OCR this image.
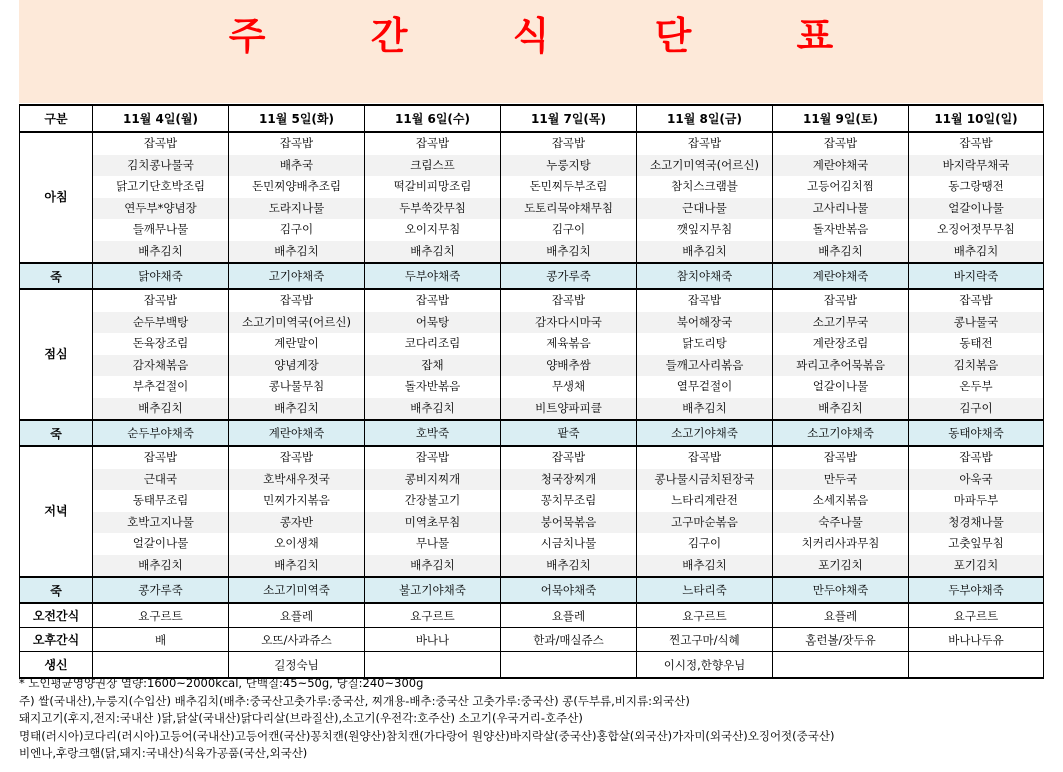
주 간 식 단 표
구분	11월 4일(월)	11월 5일(화)	11월 6일(수)	11월 7일(목)	11월 8일(금)	11월 9일(토)	11월 10일(일)
아침	잡곡밥	잡곡밥	잡곡밥	잡곡밥	잡곡밥	잡곡밥	잡곡밥
	김치콩나물국	배추국	크림스프	누룽지탕	소고기미역국(어르신)	계란야채국	바지락무채국
	닭고기단호박조림	돈민찌양배추조림	떡갈비피망조림	돈민찌두부조림	참치스크램블	고등어김치찜	동그랑땡전
	연두부*양념장	도라지나물	두부쑥갓무침	도토리묵야채무침	근대나물	고사리나물	얼갈이나물
	들깨무나물	김구이	오이지무침	김구이	깻잎지무침	돌자반볶음	오징어젓무무침
	배추김치	배추김치	배추김치	배추김치	배추김치	배추김치	배추김치
죽	닭야채죽	고기야채죽	두부야채죽	콩가루죽	참치야채죽	계란야채죽	바지락죽
점심	잡곡밥	잡곡밥	잡곡밥	잡곡밥	잡곡밥	잡곡밥	잡곡밥
	순두부백탕	소고기미역국(어르신)	어묵탕	감자다시마국	북어해장국	소고기무국	콩나물국
	돈육장조림	계란말이	코다리조림	제육볶음	닭도리탕	계란장조림	동태전
	감자채볶음	양념게장	잡채	양배추쌈	들깨고사리볶음	꽈리고추어묵볶음	김치볶음
	부추겉절이	콩나물무침	돌자반볶음	무생채	열무겉절이	얼갈이나물	온두부
	배추김치	배추김치	배추김치	비트양파피클	배추김치	배추김치	김구이
죽	순두부야채죽	계란야채죽	호박죽	팥죽	소고기야채죽	소고기야채죽	동태야채죽
저녁	잡곡밥	잡곡밥	잡곡밥	잡곡밥	잡곡밥	잡곡밥	잡곡밥
	근대국	호박새우젓국	콩비지찌개	청국장찌개	콩나물시금치된장국	만두국	아욱국
	동태무조림	민찌가지볶음	간장불고기	꽁치무조림	느타리계란전	소세지볶음	마파두부
	호박고지나물	콩자반	미역초무침	붕어묵볶음	고구마순볶음	숙주나물	청경채나물
	얼갈이나물	오이생채	무나물	시금치나물	김구이	치커리사과무침	고춧잎무침
	배추김치	배추김치	배추김치	배추김치	배추김치	포기김치	포기김치
죽	콩가루죽	소고기미역죽	불고기야채죽	어묵야채죽	느타리죽	만두야채죽	두부야채죽
오전간식	요구르트	요플레	요구르트	요플레	요구르트	요플레	요구르트
오후간식	배	오뜨/사과쥬스	바나나	한과/매실쥬스	찐고구마/식혜	홈런볼/잣두유	바나나두유
생신		길정숙님			이시정,한향우님		
* 노인평균영양권장 열량:1600~2000kcal, 단백질:45~50g, 당질:240~300g
주) 쌀(국내산),누룽지(수입산) 배추김치(배추:중국산고춧가루:중국산, 찌개용-배추:중국산 고춧가루:중국산) 콩(두부류,비지류:외국산)
돼지고기(후지,전지:국내산 )닭,닭살(국내산)닭다리살(브라질산),소고기(우전각:호주산) 소고기(우국거리-호주산)
명태(러시아)코다리(러시아)고등어(국내산)고등어캔(국산)꽁치캔(원양산)참치캔(가다랑어 원양산)바지락살(중국산)홍합살(외국산)가자미(외국산)오징어젓(중국산)
비엔나,후랑크햄(닭,돼지:국내산)식육가공품(국산,외국산)
